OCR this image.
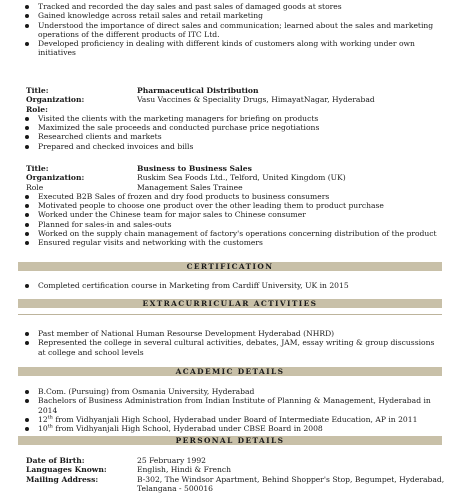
Tracked and recorded the day sales and past sales of damaged goods at stores
Gained knowledge across retail sales and retail marketing
Understood the importance of direct sales and communication; learned about the sales and marketing operations of the different products of ITC Ltd.
Developed proficiency in dealing with different kinds of customers along with working under own initiatives
Title:	Pharmaceutical Distribution
Organization:	Vasu Vaccines & Speciality Drugs, HimayatNagar, Hyderabad
Role:
Visited the clients with the marketing managers for briefing on products
Maximized the sale proceeds and conducted purchase price negotiations
Researched clients and markets
Prepared and checked invoices and bills
Title:	Business to Business Sales
Organization:	Ruskim Sea Foods Ltd., Telford, United Kingdom (UK)
Role	Management Sales Trainee
Executed B2B Sales of frozen and dry food products to business consumers
Motivated people to choose one product over the other leading them to product purchase
Worked under the Chinese team for major sales to Chinese consumer
Planned for sales-in and sales-outs
Worked on the supply chain management of factory's operations concerning distribution of the product
Ensured regular visits and networking with the customers
CERTIFICATION
Completed certification course in Marketing from Cardiff University, UK in 2015
EXTRACURRICULAR ACTIVITIES
Past member of National Human Resourse Development Hyderabad (NHRD)
Represented the college in several cultural activities, debates, JAM, essay writing & group discussions at college and school levels
ACADEMIC DETAILS
B.Com. (Pursuing) from Osmania University, Hyderabad
Bachelors of Business Administration from Indian Institute of Planning & Management, Hyderabad in 2014
12th from Vidhyanjali High School, Hyderabad under Board of Intermediate Education, AP in 2011
10th from Vidhyanjali High School, Hyderabad under CBSE Board in 2008
PERSONAL DETAILS
Date of Birth:	25 February 1992
Languages Known:	English, Hindi & French
Mailing Address:	B-302, The Windsor Apartment, Behind Shopper's Stop, Begumpet, Hyderabad,
Telangana - 500016
